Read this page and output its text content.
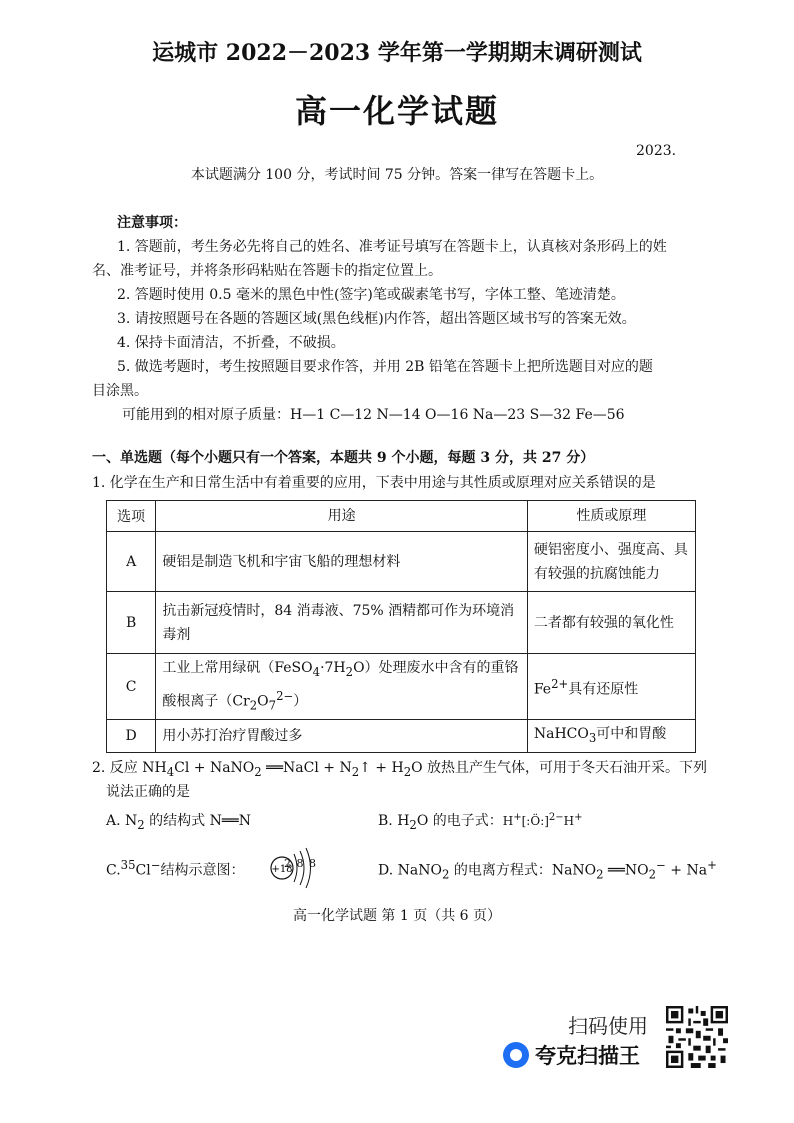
运城市 2022－2023 学年第一学期期末调研测试
高一化学试题
2023.
本试题满分 100 分，考试时间 75 分钟。答案一律写在答题卡上。
注意事项：
1. 答题前，考生务必先将自己的姓名、准考证号填写在答题卡上，认真核对条形码上的姓
名、准考证号，并将条形码粘贴在答题卡的指定位置上。
2. 答题时使用 0.5 毫米的黑色中性(签字)笔或碳素笔书写，字体工整、笔迹清楚。
3. 请按照题号在各题的答题区域(黑色线框)内作答，超出答题区域书写的答案无效。
4. 保持卡面清洁，不折叠，不破损。
5. 做选考题时，考生按照题目要求作答，并用 2B 铅笔在答题卡上把所选题目对应的题
目涂黑。
可能用到的相对原子质量：H—1 C—12 N—14 O—16 Na—23 S—32 Fe—56
一、单选题（每个小题只有一个答案，本题共 9 个小题，每题 3 分，共 27 分）
1. 化学在生产和日常生活中有着重要的应用，下表中用途与其性质或原理对应关系错误的是
选项	用途	性质或原理
A	硬铝是制造飞机和宇宙飞船的理想材料	硬铝密度小、强度高、具有较强的抗腐蚀能力
B	抗击新冠疫情时，84 消毒液、75% 酒精都可作为环境消毒剂	二者都有较强的氧化性
C	工业上常用绿矾$(FeSO_4\cdot 7H_2O)$处理废水中含有的重铬酸根离子$(Cr_2O_7^{2-})$	$Fe^{2+}$具有还原性
D	用小苏打治疗胃酸过多	NaHCO$_3$可中和胃酸
2. 反应 $NH_4Cl$ + NaNO$_2$ ══NaCl + $N_2↑ + H_2O$ 放热且产生气体，可用于冬天石油开采。下列
说法正确的是
A. $N_2$ 的结构式 N══N	B. $H_2O$ 的电子式：H+[:Ö:]$^{2-}$H+
C.$^{35}$Cl−结构示意图：	+18
2 8 8	D. NaNO$_2$ 的电离方程式：NaNO$_2$ $══NO_2^- + Na^+$
高一化学试题 第 1 页（共 6 页）
扫码使用
夸克扫描王
